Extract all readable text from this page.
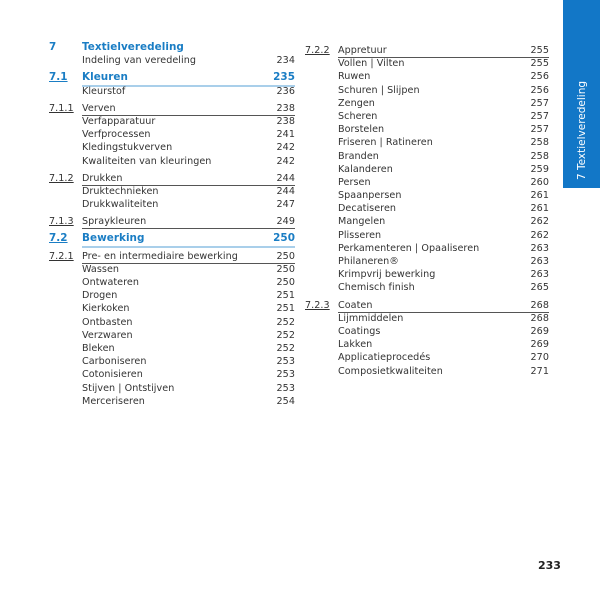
7	Textielveredeling
Indeling van veredeling	234
7.1	Kleuren	235
Kleurstof	236
7.1.1 Verven	238
Verfapparatuur	238
Verfprocessen	241
Kledingstukverven	242
Kwaliteiten van kleuringen	242
7.1.2 Drukken	244
Druktechnieken	244
Drukkwaliteiten	247
7.1.3 Spraykleuren	249
7.2	Bewerking	250
7.2.1 Pre- en intermediaire bewerking	250
Wassen	250
Ontwateren	250
Drogen	251
Kierkoken	251
Ontbasten	252
Verzwaren	252
Bleken	252
Carboniseren	253
Cotonisieren	253
Stijven | Ontstijven	253
Merceriseren	254
7.2.2 Appretuur	255
Vollen | Vilten	255
Ruwen	256
Schuren | Slijpen	256
Zengen	257
Scheren	257
Borstelen	257
Friseren | Ratineren	258
Branden	258
Kalanderen	259
Persen	260
Spaanpersen	261
Decatiseren	261
Mangelen	262
Plisseren	262
Perkamenteren | Opaaliseren	263
Philaneren®	263
Krimpvrij bewerking	263
Chemisch finish	265
7.2.3 Coaten	268
Lijmmiddelen	268
Coatings	269
Lakken	269
Applicatieprocedés	270
Composietkwaliteiten	271
7 Textielveredeling
233
